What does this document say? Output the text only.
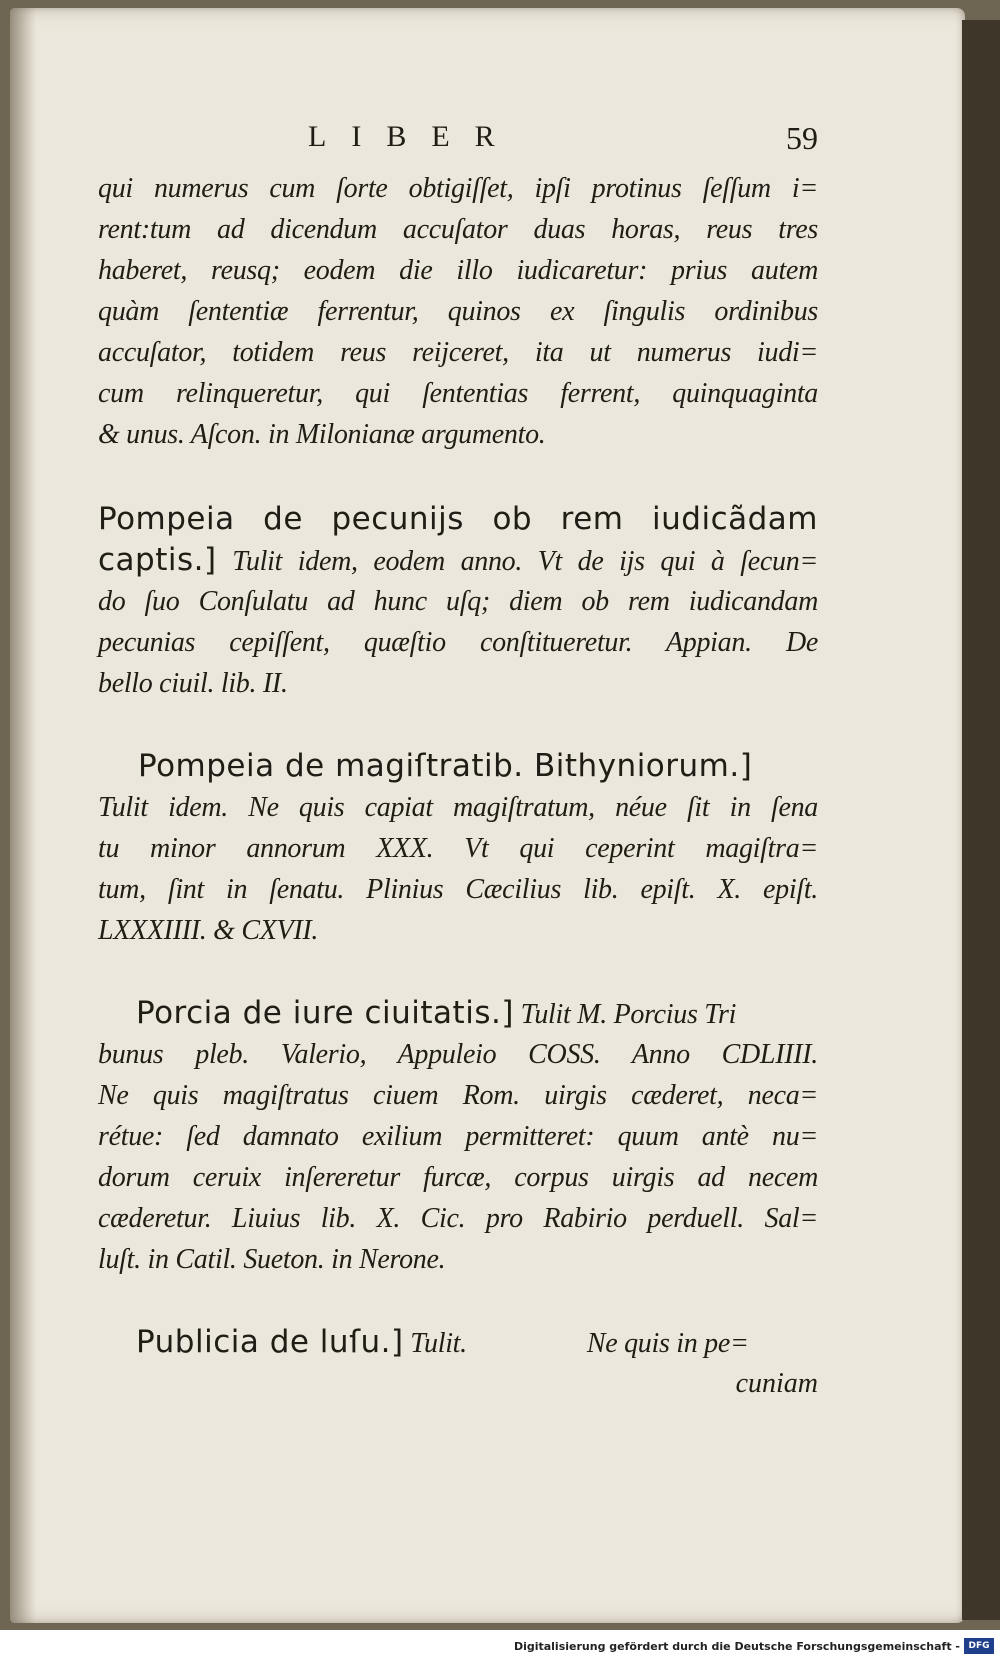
LIBER	59
qui numerus cum ſorte obtigiſſet, ipſi protinus ſeſſum i=
rent:tum ad dicendum accuſator duas horas, reus tres
haberet, reusq; eodem die illo iudicaretur: prius autem
quàm ſententiæ ferrentur, quinos ex ſingulis ordinibus
accuſator, totidem reus reijceret, ita ut numerus iudi=
cum relinqueretur, qui ſententias ferrent, quinquaginta
& unus. Aſcon. in Milonianæ argumento.
Pompeia de pecunijs ob rem iudicãdam
captis.] Tulit idem, eodem anno. Vt de ijs qui à ſecun=
do ſuo Conſulatu ad hunc uſq; diem ob rem iudicandam
pecunias cepiſſent, quæſtio conſtitueretur. Appian. De
bello ciuil. lib. II.
Pompeia de magiſtratib. Bithyniorum.]
Tulit idem. Ne quis capiat magiſtratum, néue ſit in ſena
tu minor annorum XXX. Vt qui ceperint magiſtra=
tum, ſint in ſenatu. Plinius Cæcilius lib. epiſt. X. epiſt.
LXXXIIII. & CXVII.
Porcia de iure ciuitatis.] Tulit M. Porcius Tri
bunus pleb. Valerio, Appuleio COSS. Anno CDLIIII.
Ne quis magiſtratus ciuem Rom. uirgis cæderet, neca=
rétue: ſed damnato exilium permitteret: quum antè nu=
dorum ceruix inſereretur furcæ, corpus uirgis ad necem
cæderetur. Liuius lib. X. Cic. pro Rabirio perduell. Sal=
luſt. in Catil. Sueton. in Nerone.
Publicia de luſu.] Tulit.	Ne quis in pe=
cuniam
Digitalisierung gefördert durch die Deutsche Forschungsgemeinschaft - DFG
